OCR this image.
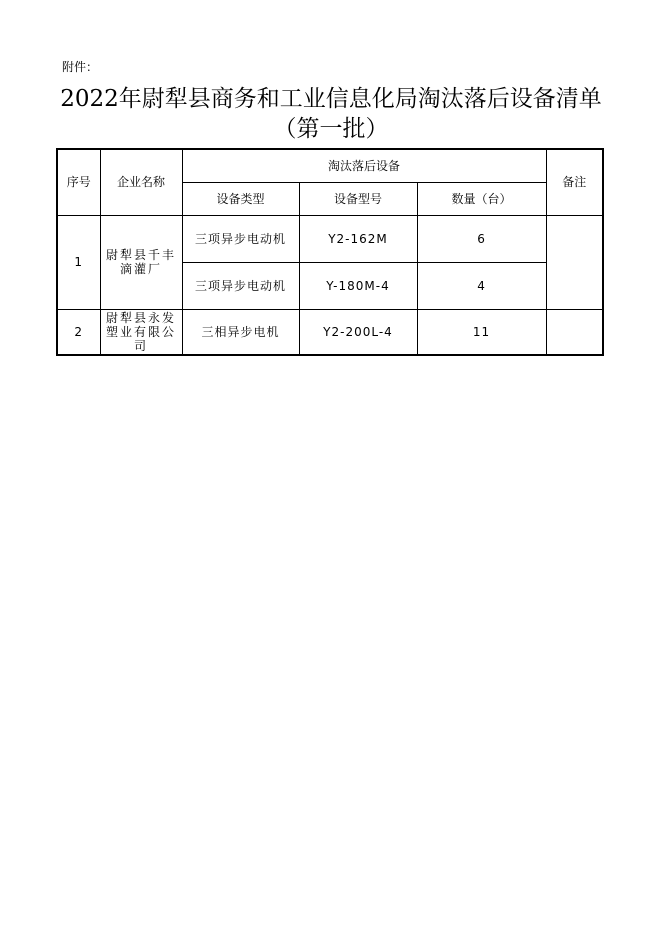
附件：
2022年尉犁县商务和工业信息化局淘汰落后设备清单
（第一批）
序号	企业名称	淘汰落后设备			备注
		设备类型	设备型号	数量（台）	
1	尉犁县千丰滴灌厂	三项异步电动机	Y2-162M	6	
		三项异步电动机	Y-180M-4	4	
2	尉犁县永发塑业有限公司	三相异步电机	Y2-200L-4	11	
